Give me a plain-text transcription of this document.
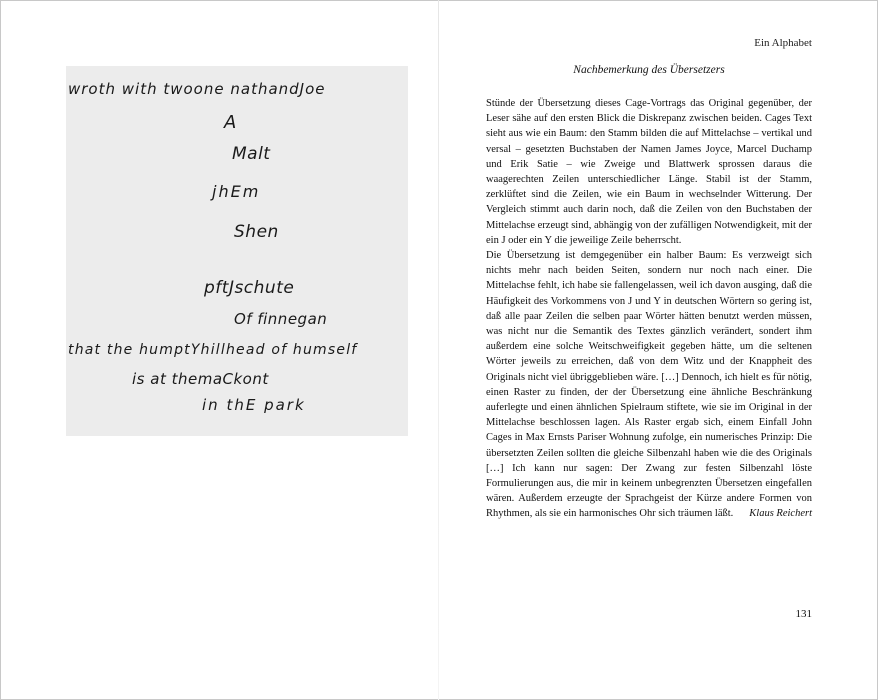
wroth with twoone nathandJoe
A
Malt
jhEm
Shen
pftJschute
Of finnegan
that the humptYhillhead of humself
is at themaCkont
in thE park
Ein Alphabet
Nachbemerkung des Übersetzers

Stünde der Übersetzung dieses Cage-Vortrags das Original gegenüber, der Leser sähe auf den ersten Blick die Diskrepanz zwischen beiden. Cages Text sieht aus wie ein Baum: den Stamm bilden die auf Mittelachse – vertikal und versal – gesetzten Buchstaben der Namen James Joyce, Marcel Duchamp und Erik Satie – wie Zweige und Blattwerk sprossen daraus die waagerechten Zeilen unterschiedlicher Länge. Stabil ist der Stamm, zerklüftet sind die Zeilen, wie ein Baum in wechselnder Witterung. Der Vergleich stimmt auch darin noch, daß die Zeilen von den Buchstaben der Mittelachse erzeugt sind, abhängig von der zufälligen Notwendigkeit, mit der ein J oder ein Y die jeweilige Zeile beherrscht.

Die Übersetzung ist demgegenüber ein halber Baum: Es verzweigt sich nichts mehr nach beiden Seiten, sondern nur noch nach einer. Die Mittelachse fehlt, ich habe sie fallengelassen, weil ich davon ausging, daß die Häufigkeit des Vorkommens von J und Y in deutschen Wörtern so gering ist, daß alle paar Zeilen die selben paar Wörter hätten benutzt werden müssen, was nicht nur die Semantik des Textes gänzlich verändert, sondert ihm außerdem eine solche Weitschweifigkeit gegeben hätte, um die seltenen Wörter jeweils zu erreichen, daß von dem Witz und der Knappheit des Originals nicht viel übriggeblieben wäre. […] Dennoch, ich hielt es für nötig, einen Raster zu finden, der der Übersetzung eine ähnliche Beschränkung auferlegte und einen ähnlichen Spielraum stiftete, wie sie im Original in der Mittelachse beschlossen lagen. Als Raster ergab sich, einem Einfall John Cages in Max Ernsts Pariser Wohnung zufolge, ein numerisches Prinzip: Die übersetzten Zeilen sollten die gleiche Silbenzahl haben wie die des Originals […] Ich kann nur sagen: Der Zwang zur festen Silbenzahl löste Formulierungen aus, die mir in keinem unbegrenzten Übersetzen eingefallen wären. Außerdem erzeugte der Sprachgeist der Kürze andere Formen von Rhythmen, als sie ein harmonisches Ohr sich träumen läßt. Klaus Reichert

131
